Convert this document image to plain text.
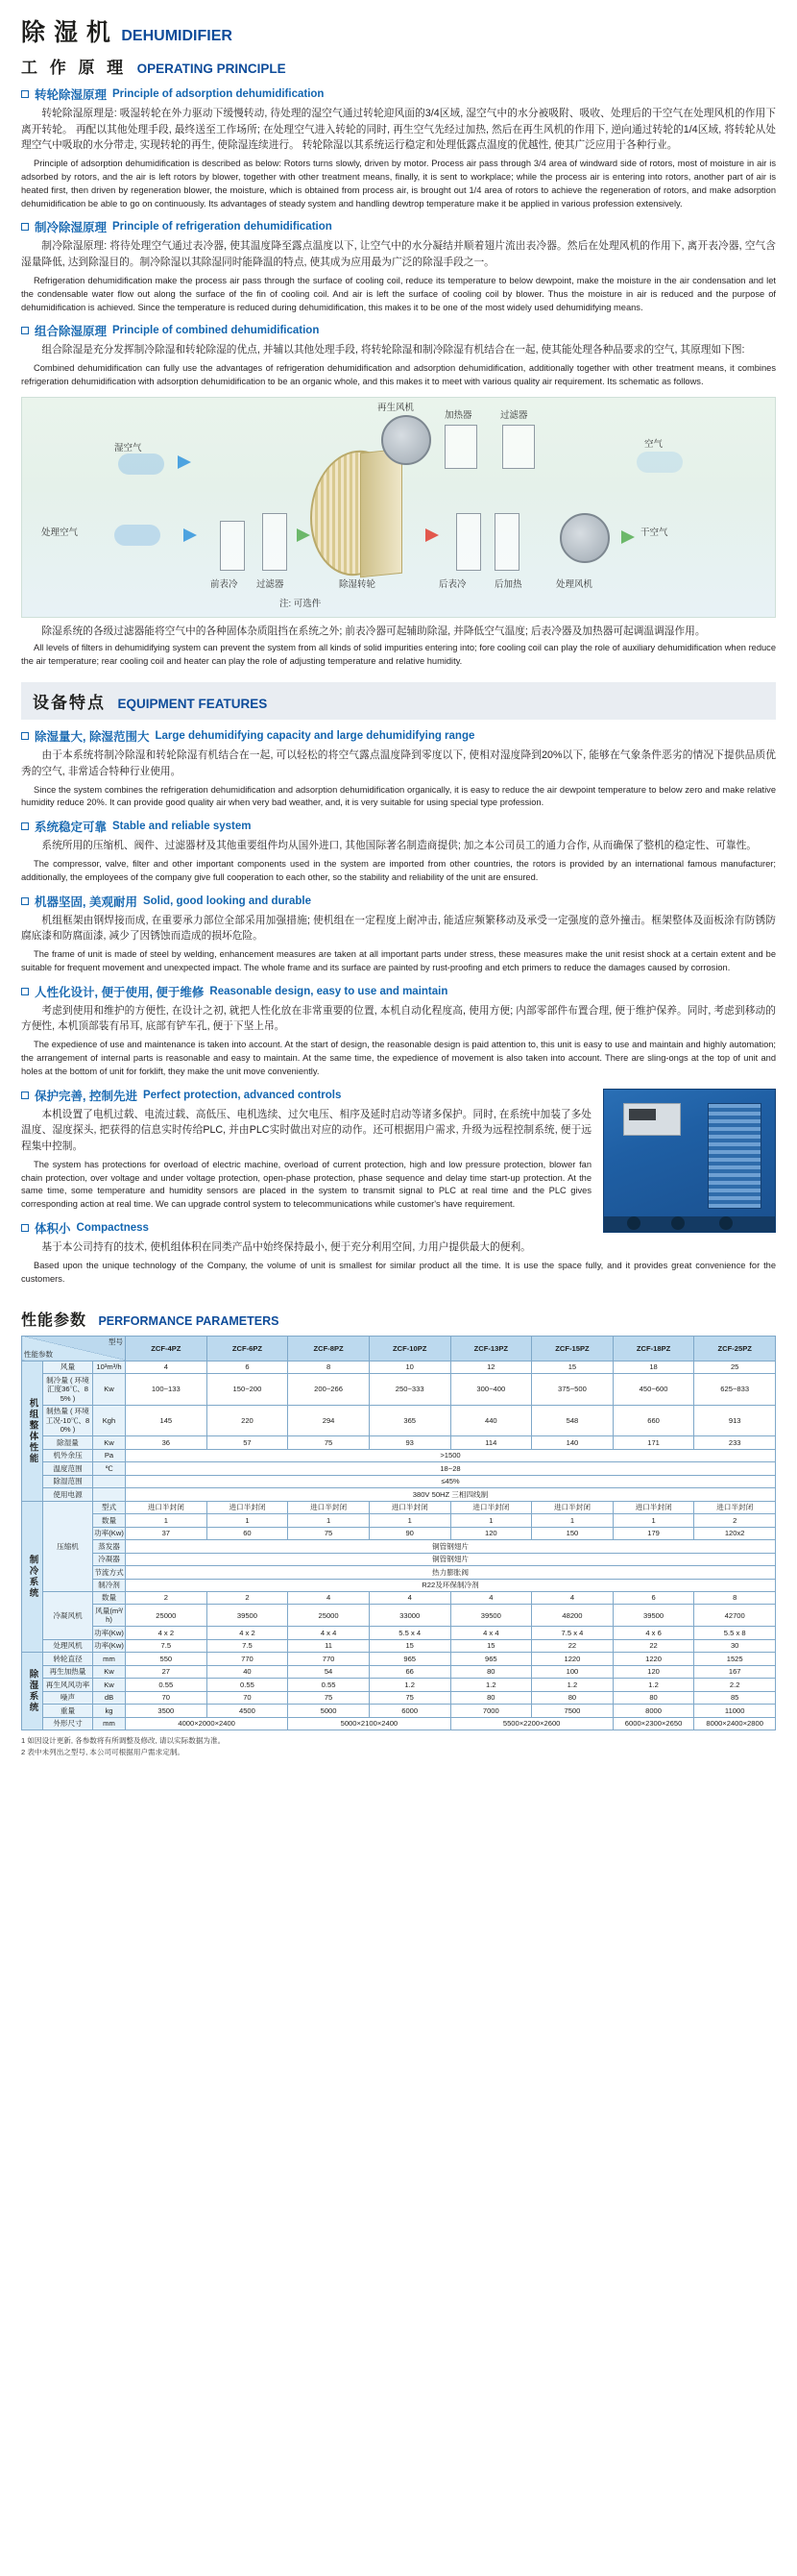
除 湿 机 DEHUMIDIFIER
工 作 原 理 OPERATING PRINCIPLE
转轮除湿原理 Principle of adsorption dehumidification

转轮除湿原理是: 吸湿转轮在外力驱动下缓慢转动, 待处理的湿空气通过转轮迎风面的3/4区域, 湿空气中的水分被吸附、吸收、处理后的干空气在处理风机的作用下离开转轮。 再配以其他处理手段, 最终送至工作场所; 在处理空气进入转轮的同时, 再生空气先经过加热, 然后在再生风机的作用下, 逆向通过转轮的1/4区域, 将转轮从处理空气中吸取的水分带走, 实现转轮的再生, 使除湿连续进行。 转轮除湿以其系统运行稳定和处理低露点温度的优越性, 使其广泛应用于各种行业。

Principle of adsorption dehumidification is described as below: Rotors turns slowly, driven by motor. Process air pass through 3/4 area of windward side of rotors, most of moisture in air is adsorbed by rotors, and the air is left rotors by blower, together with other treatment means, finally, it is sent to workplace; while the process air is entering into rotors, another part of air is heated first, then driven by regeneration blower, the moisture, which is obtained from process air, is brought out 1/4 area of rotors to achieve the regeneration of rotors, and make adsorption dehumidification be able to go on continuously. Its advantages of steady system and handling dewtrop temperature make it be applied in various profession extensively.

制冷除湿原理 Principle of refrigeration dehumidification

制冷除湿原理: 将待处理空气通过表冷器, 使其温度降至露点温度以下, 让空气中的水分凝结并顺着翅片流出表冷器。然后在处理风机的作用下, 离开表冷器, 空气含湿量降低, 达到除湿目的。制冷除湿以其除湿同时能降温的特点, 使其成为应用最为广泛的除湿手段之一。

Refrigeration dehumidification make the process air pass through the surface of cooling coil, reduce its temperature to below dewpoint, make the moisture in the air condensation and let the condensable water flow out along the surface of the fin of cooling coil. And air is left the surface of cooling coil by blower. Thus the moisture in air is reduced and the purpose of dehumidification is achieved. Since the temperature is reduced during dehumidification, this makes it to be one of the most widely used dehumidifying means.

组合除湿原理 Principle of combined dehumidification

组合除湿是充分发挥制冷除湿和转轮除湿的优点, 并辅以其他处理手段, 将转轮除湿和制冷除湿有机结合在一起, 使其能处理各种品要求的空气, 其原理如下图:

Combined dehumidification can fully use the advantages of refrigeration dehumidification and adsorption dehumidification, additionally together with other treatment means, it combines refrigeration dehumidification with adsorption dehumidification to be an organic whole, and this makes it to meet with various quality air requirement. Its schematic as follows.

再生风机
加热器	过滤器
湿空气	空气
处理空气
过滤器	除湿转轮	后表冷	后加热	处理风机
干空气
前表冷
注: 可选件

除湿系统的各级过滤器能将空气中的各种固体杂质阻挡在系统之外; 前表冷器可起辅助除湿, 并降低空气温度; 后表冷器及加热器可起调温调湿作用。

All levels of filters in dehumidifying system can prevent the system from all kinds of solid impurities entering into; fore cooling coil can play the role of auxiliary dehumidification when reduce the air temperature; rear cooling coil and heater can play the role of adjusting temperature and relative humidity.

设备特点 EQUIPMENT FEATURES
除湿量大, 除湿范围大 Large dehumidifying capacity and large dehumidifying range

由于本系统将制冷除湿和转轮除湿有机结合在一起, 可以轻松的将空气露点温度降到零度以下, 使相对湿度降到20%以下, 能够在气象条件恶劣的情况下提供品质优秀的空气, 非常适合特种行业使用。

Since the system combines the refrigeration dehumidification and adsorption dehumidification organically, it is easy to reduce the air dewpoint temperature to below zero and make relative humidity reduce 20%. It can provide good quality air when very bad weather, and, it is very suitable for using special type profession.

系统稳定可靠 Stable and reliable system

系统所用的压缩机、阀件、过滤器材及其他重要组件均从国外进口, 其他国际著名制造商提供; 加之本公司员工的通力合作, 从而确保了整机的稳定性、可靠性。

The compressor, valve, filter and other important components used in the system are imported from other countries, the rotors is provided by an international famous manufacturer; additionally, the employees of the company give full cooperation to each other, so the stability and reliability of the unit are ensured.

机器坚固, 美观耐用 Solid, good looking and durable

机组框架由钢焊接而成, 在重要承力部位全部采用加强措施; 使机组在一定程度上耐冲击, 能适应频繁移动及承受一定强度的意外撞击。框架整体及面板涂有防锈防腐底漆和防腐面漆, 减少了因锈蚀而造成的损坏危险。

The frame of unit is made of steel by welding, enhancement measures are taken at all important parts under stress, these measures make the unit resist shock at a certain extent and be suitable for frequent movement and unexpected impact. The whole frame and its surface are painted by rust-proofing and etch primers to reduce the damages caused by corrosion.

人性化设计, 便于使用, 便于维修 Reasonable design, easy to use and maintain

考虑到使用和维护的方便性, 在设计之初, 就把人性化放在非常重要的位置, 本机自动化程度高, 使用方便; 内部零部件布置合理, 便于维护保养。同时, 考虑到移动的方便性, 本机顶部装有吊耳, 底部有铲车孔, 便于下坚上吊。

The expedience of use and maintenance is taken into account. At the start of design, the reasonable design is paid attention to, this unit is easy to use and maintain and highly automation; the arrangement of internal parts is reasonable and easy to maintain. At the same time, the expedience of movement is also taken into account. There are sling-ongs at the top of unit and holes at the bottom of unit for forklift, they make the unit move conveniently.

保护完善, 控制先进 Perfect protection, advanced controls

本机设置了电机过载、电流过载、高低压、电机选续、过欠电压、相序及延时启动等诸多保护。同时, 在系统中加装了多处温度、湿度探头, 把获得的信息实时传给PLC, 并由PLC实时做出对应的动作。还可根据用户需求, 升级为远程控制系统, 便于远程集中控制。

The system has protections for overload of electric machine, overload of current protection, high and low pressure protection, blower fan chain protection, over voltage and under voltage protection, open-phase protection, phase sequence and delay time start-up protection. At the same time, some temperature and humidity sensors are placed in the system to transmit signal to PLC at real time and the PLC gives corresponding action at real time. We can upgrade control system to telecommunications while customer's have requirement.

体积小 Compactness

基于本公司持有的技术, 使机组体积在同类产品中始终保持最小, 便于充分利用空间, 力用户提供最大的便利。

Based upon the unique technology of the Company, the volume of unit is smallest for similar product all the time. It is use the space fully, and it provides great convenience for the customers.

性能参数 PERFORMANCE PARAMETERS
性能参数
型号			ZCF-4PZ	ZCF-6PZ	ZCF-8PZ	ZCF-10PZ	ZCF-13PZ	ZCF-15PZ	ZCF-18PZ	ZCF-25PZ

机组整体性能	风量	10³m³/h	4	6	8	10	12	15	18	25
	制冷量 ( 环境汇度36℃、85% )	Kw	100~133	150~200	200~266	250~333	300~400	375~500	450~600	625~833
	制热量 ( 环境工况-10℃、80% )	Kgh	145	220	294	365	440	548	660	913
	除湿量	Kw	36	57	75	93	114	140	171	233
	机外余压	Pa	>1500							
	温度范围	℃	18~28							
	除湿范围		≤45%							
	使用电源		380V 50HZ 三相四线制							

制冷系统	压缩机	型式	进口半封闭	进口半封闭	进口半封闭	进口半封闭	进口半封闭	进口半封闭	进口半封闭	进口半封闭
		数量	1	1	1	1	1	1	1	2
		功率(Kw)	37	60	75	90	120	150	179	120x2
		蒸发器	铜管钢翅片							
		冷凝器	铜管钢翅片							
		节流方式	热力膨胀阀							
		制冷剂	R22及环保制冷剂							
	冷凝风机	数量	2	2	4	4	4	4	6	8
		风量(m³/h)	25000	39500	25000	33000	39500	48200	39500	42700
		功率(Kw)	4 x 2	4 x 2	4 x 4	5.5 x 4	4 x 4	7.5 x 4	4 x 6	5.5 x 8
	处理风机	功率(Kw)	7.5	7.5	11	15	15	22	22	30

除湿系统	转轮直径	mm	550	770	770	965	965	1220	1220	1525
	再生加热量	Kw	27	40	54	66	80	100	120	167
	再生风风功率	Kw	0.55	0.55	0.55	1.2	1.2	1.2	1.2	2.2
	噪声	dB	70	70	75	75	80	80	80	85
	重量	kg	3500	4500	5000	6000	7000	7500	8000	11000
	外形尺寸	mm	4000×2000×2400		5000×2100×2400		5500×2200×2600		6000×2300×2650	8000×2400×2800
1 如因设计更新, 各参数将有所调整及修改, 请以实际数据为准。
2 表中未列出之型号, 本公司可根据用户需求定制。
